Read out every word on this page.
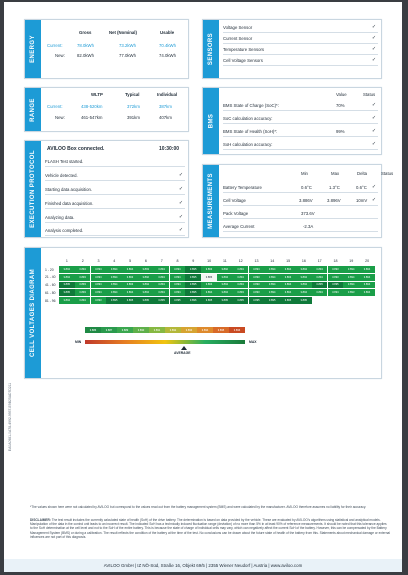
ENERGY
Gross	Net (Nominal)	Usable
Current:	78.0kWh	73.2kWh	70.4kWh
New:	82.0kWh	77.0kWh	74.0kWh	SENSORS
Voltage Sensor	✓
Current Sensor	✓
Temperature Sensors	✓
Cell Voltage Sensors	✓
RANGE
WLTP	Typical	Individual
Current:	438-520km	372km	387km
New:	461-547km	391km	407km	BMS
Value	Status
BMS State of Charge (SoC)*:	70%	✓
SoC calculation accuracy:	✓
BMS State of Health (SoH)*:	99%	✓
SoH calculation accuracy:	✓
EXECUTION PROTOCOL
AVILOO Box connected.	10:30:00
FLASH Test started.
Vehicle detected.	✓
Starting data acquisition.	✓
Finished data acquisition.	✓
Analyzing data.	✓
Analysis completed.	✓
MEASUREMENTS	Min	Max	Delta	Status
Battery Temperature	0.6°C	1.3°C	0.6°C	✓
Cell Voltage	3.886V	3.896V	10mV ✓
Pack Voltage	373.6V
Average Current	-2.3A
CELL VOLTAGES DIAGRAM
1	2	3	4	5	6	7	8	9	10	11	12	13	14	15	16	17	18	19	20
1 - 20	3.894	3.894	3.894	3.894	3.894	3.893	3.894	3.894	3.895	3.893	3.892	3.894	3.894	3.894	3.894	3.894	3.894	3.893	3.894	3.894
21 - 40	3.894	3.893	3.894	3.894	3.893	3.892	3.894	3.894	3.895	3.886	3.894	3.894	3.893	3.894	3.893	3.894	3.894	3.893	3.894	3.894
41 - 60	3.895	3.893	3.894	3.894	3.893	3.894	3.894	3.894	3.895	3.893	3.894	3.894	3.893	3.894	3.894	3.894	3.895	3.895	3.894	3.894
61 - 80	3.895	3.893	3.894	3.894	3.894	3.894	3.894	3.894	3.895	3.894	3.894	3.893	3.893	3.894	3.894	3.894	3.894	3.894	3.893	3.894
81 - 96	3.894	3.894	3.893	3.895	3.895	3.895	3.895	3.895	3.896	3.895	3.895	3.895	3.895	3.895	3.895	3.895
3.886	3.887	3.889	3.890	3.891	3.892	3.893	3.894	3.895	3.896
MIN	MAX
AVERAGE
*The values shown here were not calculated by AVILOO but correspond to the values read out from the battery management system (BMS) and were calculated by the manufacturer. AVILOO therefore assumes no liability for their accuracy.
DISCLAIMER: The test result includes the currently calculated state of health (SoH) of the drive battery. The determination is based on data provided by the vehicle. These are evaluated by AVILOO's algorithms using statistical and analytical models. Manipulation of the data in the control unit leads to an incorrect result. The indicated SoH has a technically induced fluctuation range (deviation) of no more than 5% in at least 90% of reference measurements. It should be noted that this tolerance applies to the SoH determination at the cell level and not to the SoH of the entire battery. This is because the state of charge of individual cells may vary, which can negatively affect the current SoH of the battery. However, this can be compensated by the Battery Management System (BMS) or during a calibration. The result reflects the condition of the battery at the time of the test. No conclusions can be drawn about the future state of health of the battery from this. Statements about mechanical damage or external influences are not part of this diagnosis.
AVILOO GmbH | IZ NÖ-Süd, Straße 16, Objekt 69/5 | 2355 Wiener Neudorf | Austria | www.aviloo.com
EA0A0981-0A78-4992-9957-E9B25AD7D211
